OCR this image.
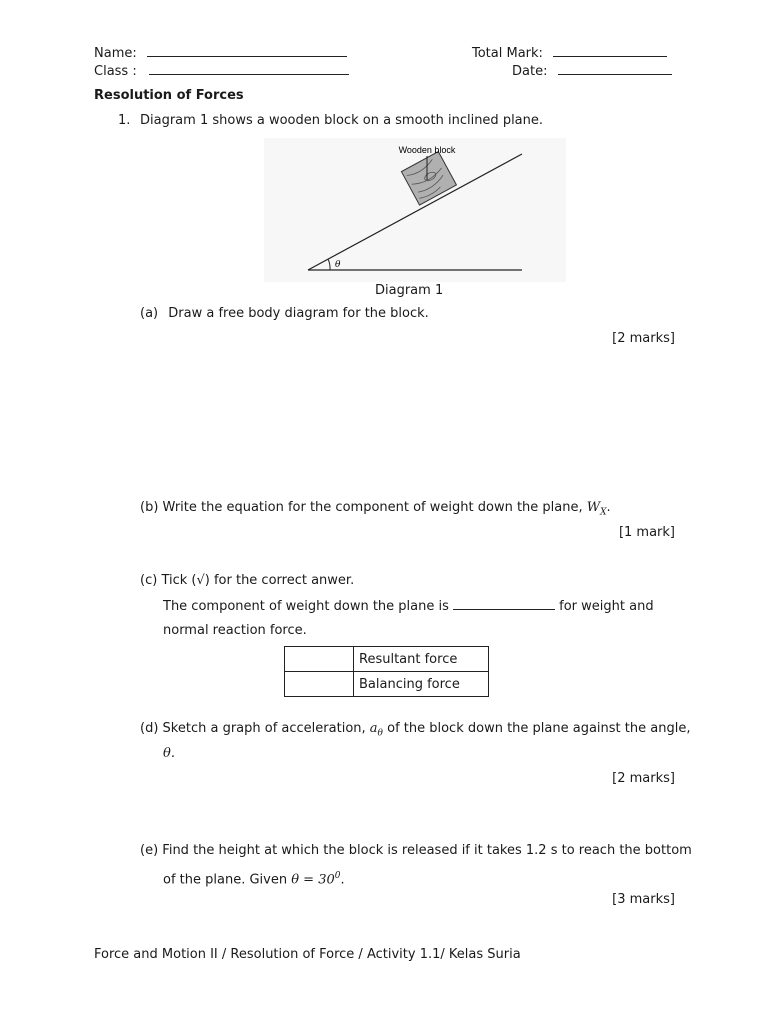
Name:
Class :
Total Mark:
Date:
Resolution of Forces
1. Diagram 1 shows a wooden block on a smooth inclined plane.
θ
Wooden block
Diagram 1
(a) Draw a free body diagram for the block.
[2 marks]
(b) Write the equation for the component of weight down the plane, $W_X$.
[1 mark]
(c) Tick (√) for the correct anwer.
The component of weight down the plane is	for weight and
normal reaction force.
	Resultant force
	Balancing force
(d) Sketch a graph of acceleration, $a_\theta$ of the block down the plane against the angle,
θ.
[2 marks]
(e) Find the height at which the block is released if it takes 1.2 s to reach the bottom
of the plane. Given $\theta = 30^0$.
[3 marks]
Force and Motion II / Resolution of Force / Activity 1.1/ Kelas Suria
